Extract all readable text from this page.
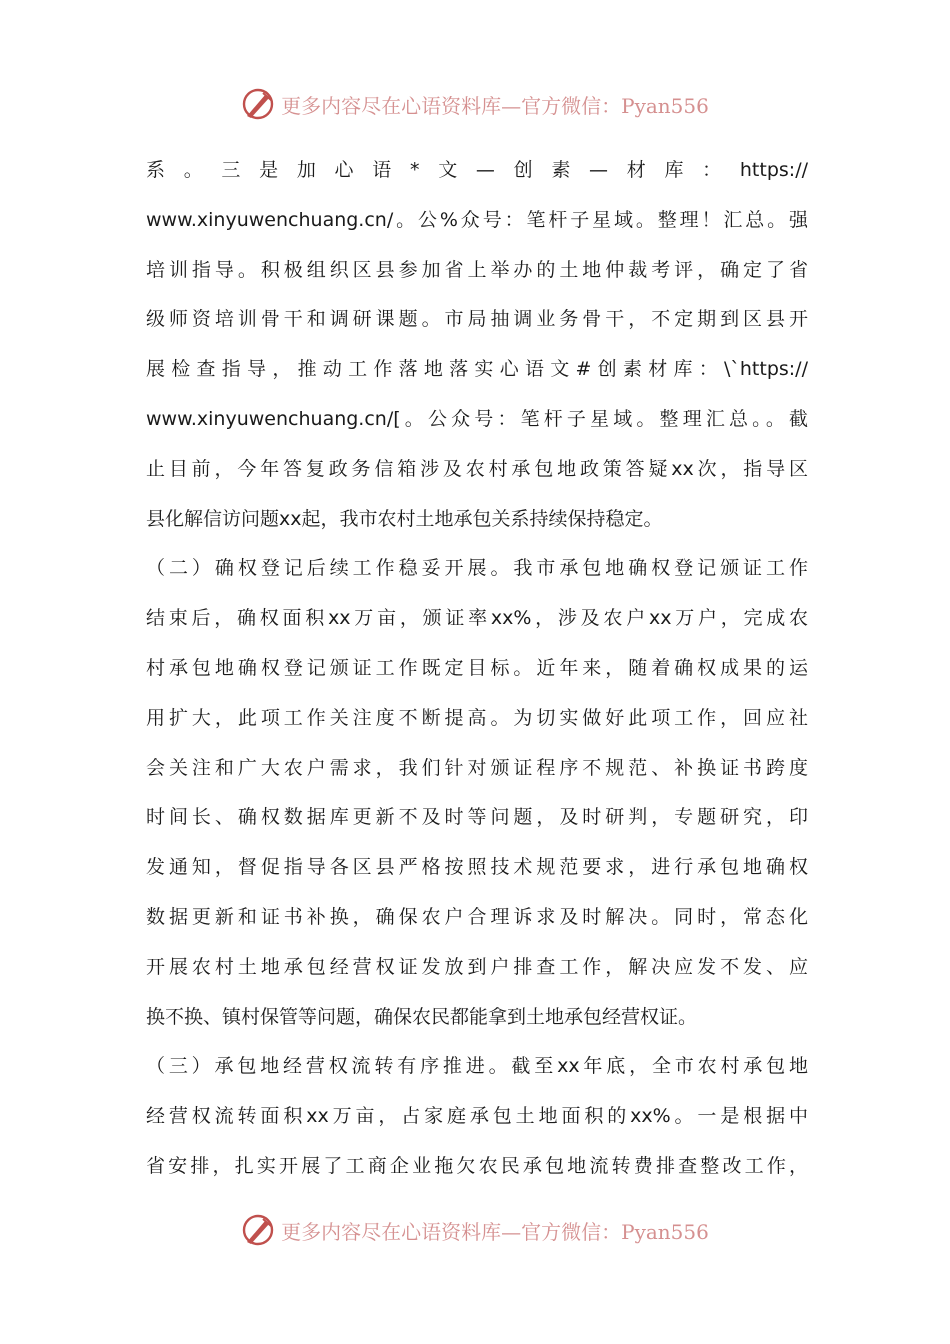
更多内容尽在心语资料库—官方微信：Pyan556
系。三是加心语*文—创素—材库：https://
www.xinyuwenchuang.cn/。公%众号：笔杆子星域。整理！汇总。强
培训指导。积极组织区县参加省上举办的土地仲裁考评，确定了省
级师资培训骨干和调研课题。市局抽调业务骨干，不定期到区县开
展检查指导，推动工作落地落实心语文#创素材库：\`https://
www.xinyuwenchuang.cn/[。公众号：笔杆子星域。整理汇总。。截
止目前，今年答复政务信箱涉及农村承包地政策答疑xx次，指导区
县化解信访问题xx起，我市农村土地承包关系持续保持稳定。
（二）确权登记后续工作稳妥开展。我市承包地确权登记颁证工作
结束后，确权面积xx万亩，颁证率xx%，涉及农户xx万户，完成农
村承包地确权登记颁证工作既定目标。近年来，随着确权成果的运
用扩大，此项工作关注度不断提高。为切实做好此项工作，回应社
会关注和广大农户需求，我们针对颁证程序不规范、补换证书跨度
时间长、确权数据库更新不及时等问题，及时研判，专题研究，印
发通知，督促指导各区县严格按照技术规范要求，进行承包地确权
数据更新和证书补换，确保农户合理诉求及时解决。同时，常态化
开展农村土地承包经营权证发放到户排查工作，解决应发不发、应
换不换、镇村保管等问题，确保农民都能拿到土地承包经营权证。
（三）承包地经营权流转有序推进。截至xx年底，全市农村承包地
经营权流转面积xx万亩，占家庭承包土地面积的xx%。一是根据中
省安排，扎实开展了工商企业拖欠农民承包地流转费排查整改工作，
更多内容尽在心语资料库—官方微信：Pyan556
